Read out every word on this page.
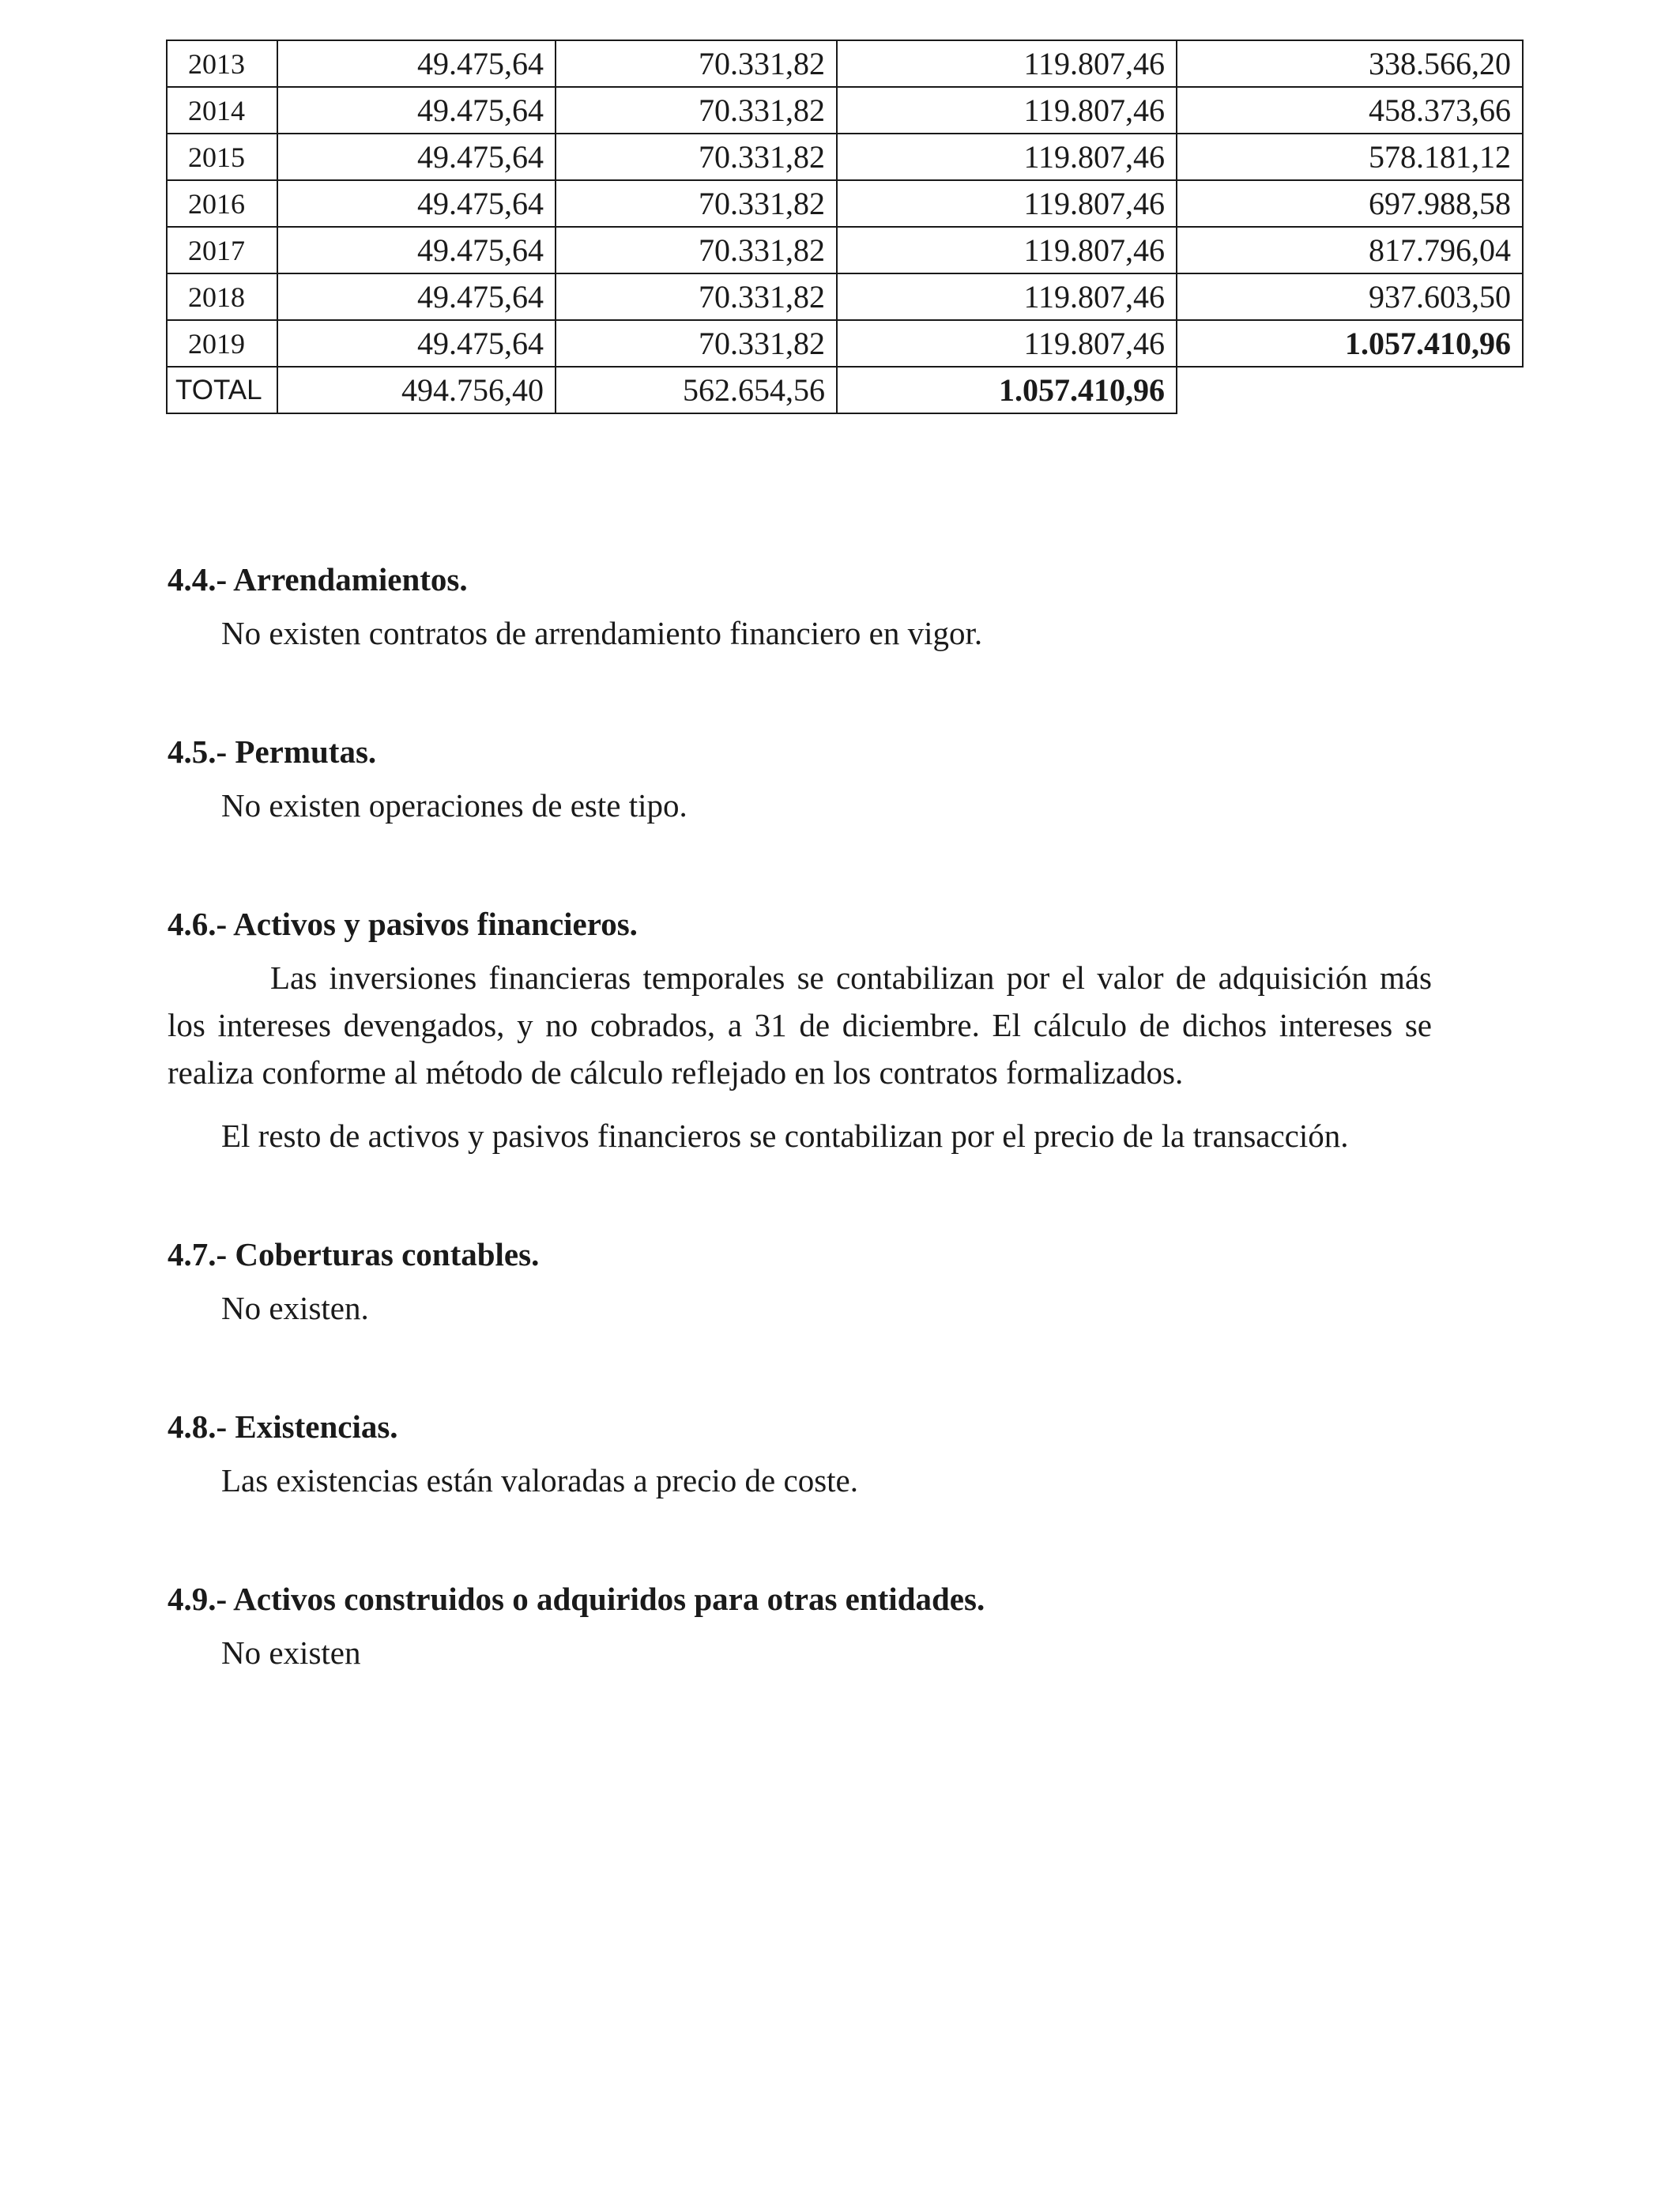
2013	49.475,64	70.331,82	119.807,46	338.566,20
2014	49.475,64	70.331,82	119.807,46	458.373,66
2015	49.475,64	70.331,82	119.807,46	578.181,12
2016	49.475,64	70.331,82	119.807,46	697.988,58
2017	49.475,64	70.331,82	119.807,46	817.796,04
2018	49.475,64	70.331,82	119.807,46	937.603,50
2019	49.475,64	70.331,82	119.807,46	1.057.410,96
TOTAL	494.756,40	562.654,56	1.057.410,96	
4.4.- Arrendamientos.

No existen contratos de arrendamiento financiero en vigor.

4.5.- Permutas.

No existen operaciones de este tipo.

4.6.- Activos y pasivos financieros.

Las inversiones financieras temporales se contabilizan por el valor de adquisición más los intereses devengados, y no cobrados, a 31 de diciembre. El cálculo de dichos intereses se realiza conforme al método de cálculo reflejado en los contratos formalizados.

El resto de activos y pasivos financieros se contabilizan por el precio de la transacción.

4.7.- Coberturas contables.

No existen.

4.8.- Existencias.

Las existencias están valoradas a precio de coste.

4.9.- Activos construidos o adquiridos para otras entidades.

No existen
